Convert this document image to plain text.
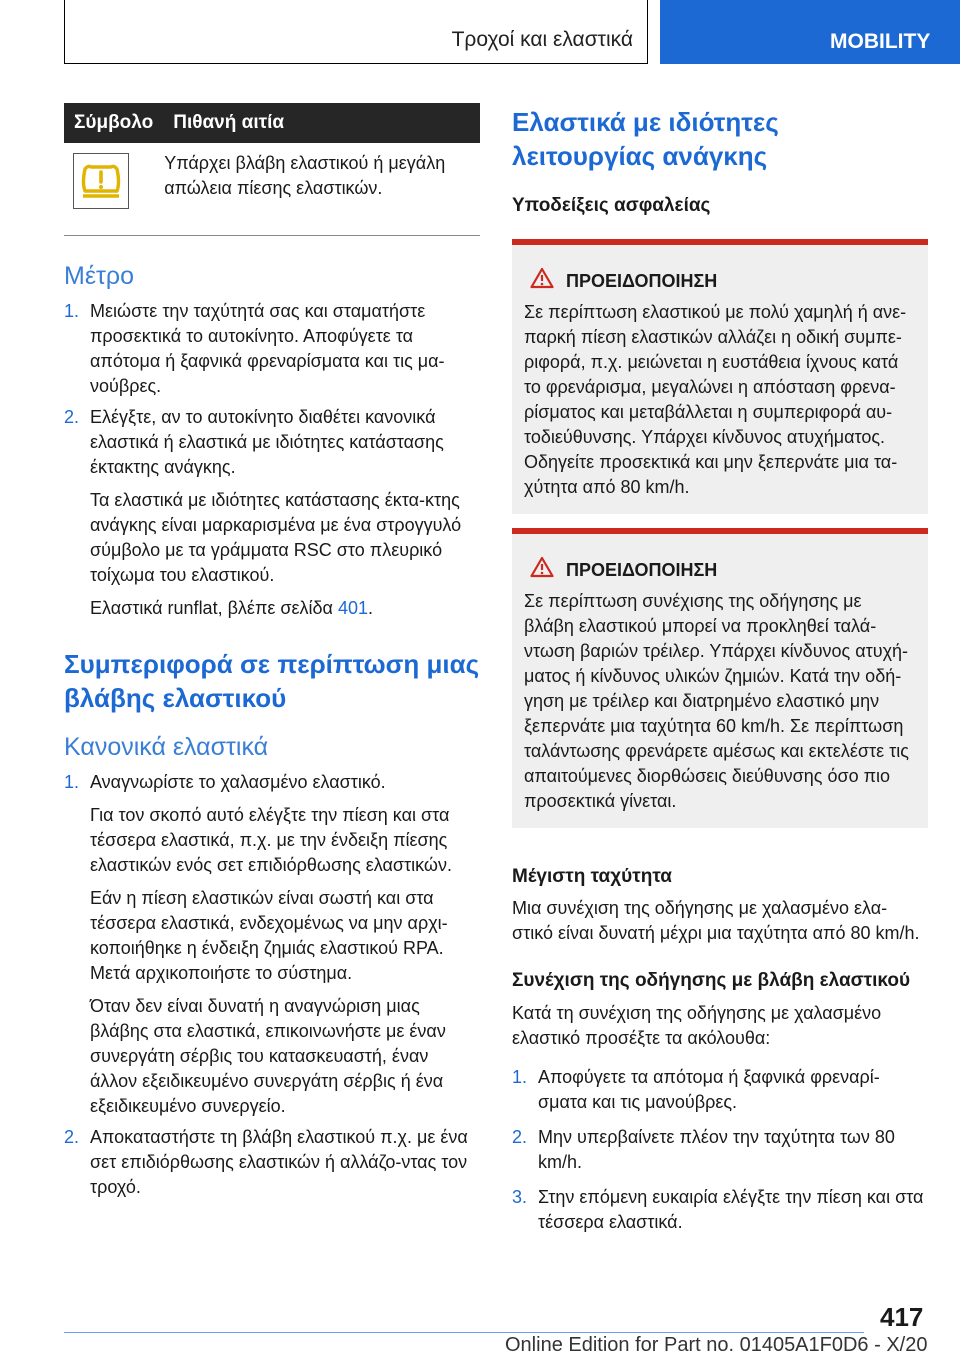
Τροχοί και ελαστικά	MOBILITY
Σύμβολο	Πιθανή αιτία

	Υπάρχει βλάβη ελαστικού ή μεγάλη απώλεια πίεσης ελαστικών.
Μέτρο
1. Μειώστε την ταχύτητά σας και σταματήστε προσεκτικά το αυτοκίνητο. Αποφύγετε τα απότομα ή ξαφνικά φρεναρίσματα και τις μα-νούβρες.
2. Ελέγξτε, αν το αυτοκίνητο διαθέτει κανονικά ελαστικά ή ελαστικά με ιδιότητες κατάστασης έκτακτης ανάγκης.

Τα ελαστικά με ιδιότητες κατάστασης έκτα-κτης ανάγκης είναι μαρκαρισμένα με ένα στρογγυλό σύμβολο με τα γράμματα RSC στο πλευρικό τοίχωμα του ελαστικού.

Ελαστικά runflat, βλέπε σελίδα 401.

Συμπεριφορά σε περίπτωση μιας βλάβης ελαστικού
Κανονικά ελαστικά
1. Αναγνωρίστε το χαλασμένο ελαστικό.

Για τον σκοπό αυτό ελέγξτε την πίεση και στα τέσσερα ελαστικά, π.χ. με την ένδειξη πίεσης ελαστικών ενός σετ επιδιόρθωσης ελαστικών.

Εάν η πίεση ελαστικών είναι σωστή και στα τέσσερα ελαστικά, ενδεχομένως να μην αρχι-κοποιήθηκε η ένδειξη ζημιάς ελαστικού RPA. Μετά αρχικοποιήστε το σύστημα.

Όταν δεν είναι δυνατή η αναγνώριση μιας βλάβης στα ελαστικά, επικοινωνήστε με έναν συνεργάτη σέρβις του κατασκευαστή, έναν άλλον εξειδικευμένο συνεργάτη σέρβις ή ένα εξειδικευμένο συνεργείο.

2. Αποκαταστήστε τη βλάβη ελαστικού π.χ. με ένα σετ επιδιόρθωσης ελαστικών ή αλλάζο-ντας τον τροχό.
Ελαστικά με ιδιότητες λειτουργίας ανάγκης
Υποδείξεις ασφαλείας
ΠΡΟΕΙΔΟΠΟΙΗΣΗ
Σε περίπτωση ελαστικού με πολύ χαμηλή ή ανε-παρκή πίεση ελαστικών αλλάζει η οδική συμπε-ριφορά, π.χ. μειώνεται η ευστάθεια ίχνους κατά το φρενάρισμα, μεγαλώνει η απόσταση φρενα-ρίσματος και μεταβάλλεται η συμπεριφορά αυ-τοδιεύθυνσης. Υπάρχει κίνδυνος ατυχήματος. Οδηγείτε προσεκτικά και μην ξεπερνάτε μια τα-χύτητα από 80 km/h.
ΠΡΟΕΙΔΟΠΟΙΗΣΗ
Σε περίπτωση συνέχισης της οδήγησης με βλάβη ελαστικού μπορεί να προκληθεί ταλά-ντωση βαριών τρέιλερ. Υπάρχει κίνδυνος ατυχή-ματος ή κίνδυνος υλικών ζημιών. Κατά την οδή-γηση με τρέιλερ και διατρημένο ελαστικό μην ξεπερνάτε μια ταχύτητα 60 km/h. Σε περίπτωση ταλάντωσης φρενάρετε αμέσως και εκτελέστε τις απαιτούμενες διορθώσεις διεύθυνσης όσο πιο προσεκτικά γίνεται.
Μέγιστη ταχύτητα

Μια συνέχιση της οδήγησης με χαλασμένο ελα-στικό είναι δυνατή μέχρι μια ταχύτητα από 80 km/h.

Συνέχιση της οδήγησης με βλάβη ελαστικού

Κατά τη συνέχιση της οδήγησης με χαλασμένο ελαστικό προσέξτε τα ακόλουθα:

1. Αποφύγετε τα απότομα ή ξαφνικά φρεναρί-σματα και τις μανούβρες.
2. Μην υπερβαίνετε πλέον την ταχύτητα των 80 km/h.
3. Στην επόμενη ευκαιρία ελέγξτε την πίεση και στα τέσσερα ελαστικά.
417
Online Edition for Part no. 01405A1F0D6 - X/20
